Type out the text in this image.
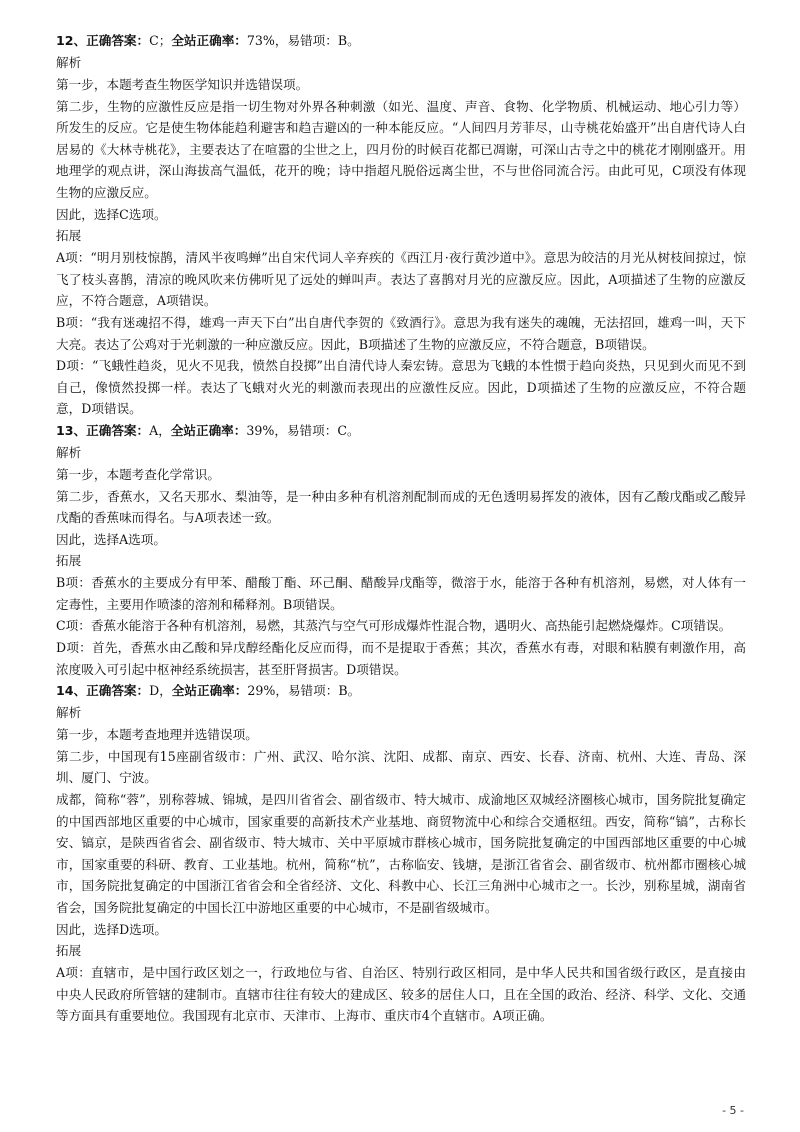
12、正确答案：C；全站正确率：73%，易错项：B。
解析
第一步，本题考查生物医学知识并选错误项。
第二步，生物的应激性反应是指一切生物对外界各种刺激（如光、温度、声音、食物、化学物质、机械运动、地心引力等）所发生的反应。它是使生物体能趋利避害和趋吉避凶的一种本能反应。“人间四月芳菲尽，山寺桃花始盛开”出自唐代诗人白居易的《大林寺桃花》，主要表达了在喧嚣的尘世之上，四月份的时候百花都已凋谢，可深山古寺之中的桃花才刚刚盛开。用地理学的观点讲，深山海拔高气温低，花开的晚；诗中指超凡脱俗远离尘世，不与世俗同流合污。由此可见，C项没有体现生物的应激反应。
因此，选择C选项。
拓展
A项：“明月别枝惊鹊，清风半夜鸣蝉”出自宋代词人辛弃疾的《西江月·夜行黄沙道中》。意思为皎洁的月光从树枝间掠过，惊飞了枝头喜鹊，清凉的晚风吹来仿佛听见了远处的蝉叫声。表达了喜鹊对月光的应激反应。因此，A项描述了生物的应激反应，不符合题意，A项错误。
B项：“我有迷魂招不得，雄鸡一声天下白”出自唐代李贺的《致酒行》。意思为我有迷失的魂魄，无法招回，雄鸡一叫，天下大亮。表达了公鸡对于光刺激的一种应激反应。因此，B项描述了生物的应激反应，不符合题意，B项错误。
D项：“飞蛾性趋炎，见火不见我，愤然自投掷”出自清代诗人秦宏铸。意思为飞蛾的本性惯于趋向炎热，只见到火而见不到自己，像愤然投掷一样。表达了飞蛾对火光的刺激而表现出的应激性反应。因此，D项描述了生物的应激反应，不符合题意，D项错误。
13、正确答案：A，全站正确率：39%，易错项：C。
解析
第一步，本题考查化学常识。
第二步，香蕉水，又名天那水、梨油等，是一种由多种有机溶剂配制而成的无色透明易挥发的液体，因有乙酸戊酯或乙酸异戊酯的香蕉味而得名。与A项表述一致。
因此，选择A选项。
拓展
B项：香蕉水的主要成分有甲苯、醋酸丁酯、环己酮、醋酸异戊酯等，微溶于水，能溶于各种有机溶剂，易燃，对人体有一定毒性，主要用作喷漆的溶剂和稀释剂。B项错误。
C项：香蕉水能溶于各种有机溶剂，易燃，其蒸汽与空气可形成爆炸性混合物，遇明火、高热能引起燃烧爆炸。C项错误。
D项：首先，香蕉水由乙酸和异戊醇经酯化反应而得，而不是提取于香蕉；其次，香蕉水有毒，对眼和粘膜有刺激作用，高浓度吸入可引起中枢神经系统损害，甚至肝肾损害。D项错误。
14、正确答案：D，全站正确率：29%，易错项：B。
解析
第一步，本题考查地理并选错误项。
第二步，中国现有15座副省级市：广州、武汉、哈尔滨、沈阳、成都、南京、西安、长春、济南、杭州、大连、青岛、深圳、厦门、宁波。
成都，简称“蓉”，别称蓉城、锦城，是四川省省会、副省级市、特大城市、成渝地区双城经济圈核心城市，国务院批复确定的中国西部地区重要的中心城市，国家重要的高新技术产业基地、商贸物流中心和综合交通枢纽。西安，简称“镐”，古称长安、镐京，是陕西省省会、副省级市、特大城市、关中平原城市群核心城市，国务院批复确定的中国西部地区重要的中心城市，国家重要的科研、教育、工业基地。杭州，简称“杭”，古称临安、钱塘，是浙江省省会、副省级市、杭州都市圈核心城市，国务院批复确定的中国浙江省省会和全省经济、文化、科教中心、长江三角洲中心城市之一。长沙，别称星城，湖南省省会，国务院批复确定的中国长江中游地区重要的中心城市，不是副省级城市。
因此，选择D选项。
拓展
A项：直辖市，是中国行政区划之一，行政地位与省、自治区、特别行政区相同，是中华人民共和国省级行政区，是直接由中央人民政府所管辖的建制市。直辖市往往有较大的建成区、较多的居住人口，且在全国的政治、经济、科学、文化、交通等方面具有重要地位。我国现有北京市、天津市、上海市、重庆市4个直辖市。A项正确。
- 5 -
